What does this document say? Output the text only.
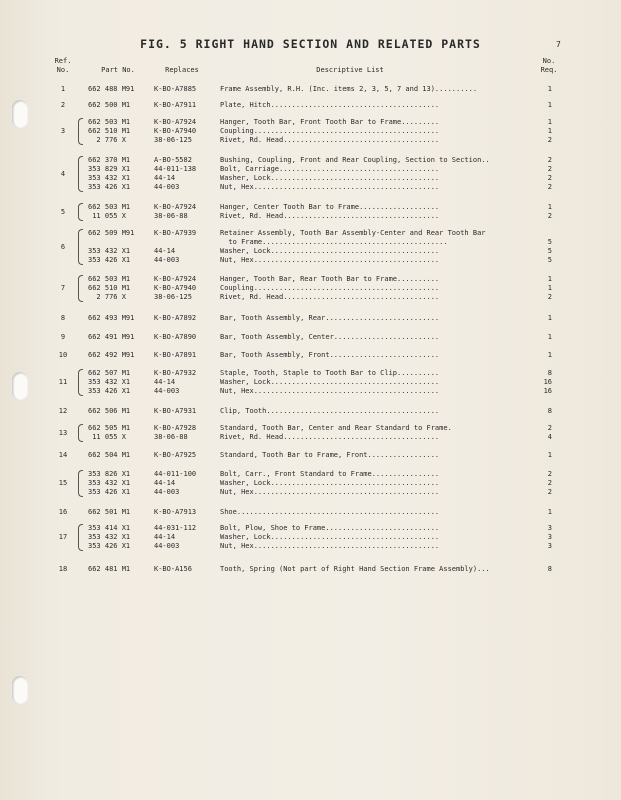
FIG. 5 RIGHT HAND SECTION AND RELATED PARTS	7
Ref.
No.	Part No.	Replaces	Descriptive List
No.
Req.
1	662 488 M91	K-BO-A7885	Frame Assembly, R.H. (Inc. items 2, 3, 5, 7 and 13)..........	1
2	662 500 M1	K-BO-A7911	Plate, Hitch........................................	1
3
662 503 M1	K-BO-A7924	Hanger, Tooth Bar, Front Tooth Bar to Frame.........	1
662 510 M1	K-BO-A7940	Coupling............................................	1
2 776 X	38-06-125	Rivet, Rd. Head.....................................	2
4
662 370 M1	A-BO-5582	Bushing, Coupling, Front and Rear Coupling, Section to Section..	2
353 829 X1	44-011-138	Bolt, Carriage......................................	2
353 432 X1	44-14	Washer, Lock........................................	2
353 426 X1	44-003	Nut, Hex............................................	2
5
662 503 M1	K-BO-A7924	Hanger, Center Tooth Bar to Frame...................	1
11 055 X	38-06-88	Rivet, Rd. Head.....................................	2
6
662 509 M91	K-BO-A7939	Retainer Assembly, Tooth Bar Assembly-Center and Rear Tooth Bar
to Frame............................................	5
353 432 X1	44-14	Washer, Lock........................................	5
353 426 X1	44-003	Nut, Hex............................................	5
7
662 503 M1	K-BO-A7924	Hanger, Tooth Bar, Rear Tooth Bar to Frame..........	1
662 510 M1	K-BO-A7940	Coupling............................................	1
2 776 X	38-06-125	Rivet, Rd. Head.....................................	2
8	662 493 M91	K-BO-A7892	Bar, Tooth Assembly, Rear...........................	1
9	662 491 M91	K-BO-A7890	Bar, Tooth Assembly, Center.........................	1
10	662 492 M91	K-BO-A7891	Bar, Tooth Assembly, Front..........................	1
11
662 507 M1	K-BO-A7932	Staple, Tooth, Staple to Tooth Bar to Clip..........	8
353 432 X1	44-14	Washer, Lock........................................	16
353 426 X1	44-003	Nut, Hex............................................	16
12	662 506 M1	K-BO-A7931	Clip, Tooth.........................................	8
13
662 505 M1	K-BO-A7928	Standard, Tooth Bar, Center and Rear Standard to Frame.	2
11 055 X	38-06-88	Rivet, Rd. Head.....................................	4
14	662 504 M1	K-BO-A7925	Standard, Tooth Bar to Frame, Front.................	1
15
353 826 X1	44-011-100	Bolt, Carr., Front Standard to Frame................	2
353 432 X1	44-14	Washer, Lock........................................	2
353 426 X1	44-003	Nut, Hex............................................	2
16	662 501 M1	K-BO-A7913	Shoe................................................	1
17
353 414 X1	44-031-112	Bolt, Plow, Shoe to Frame...........................	3
353 432 X1	44-14	Washer, Lock........................................	3
353 426 X1	44-003	Nut, Hex............................................	3
18	662 481 M1	K-BO-A156	Tooth, Spring (Not part of Right Hand Section Frame Assembly)...	8
